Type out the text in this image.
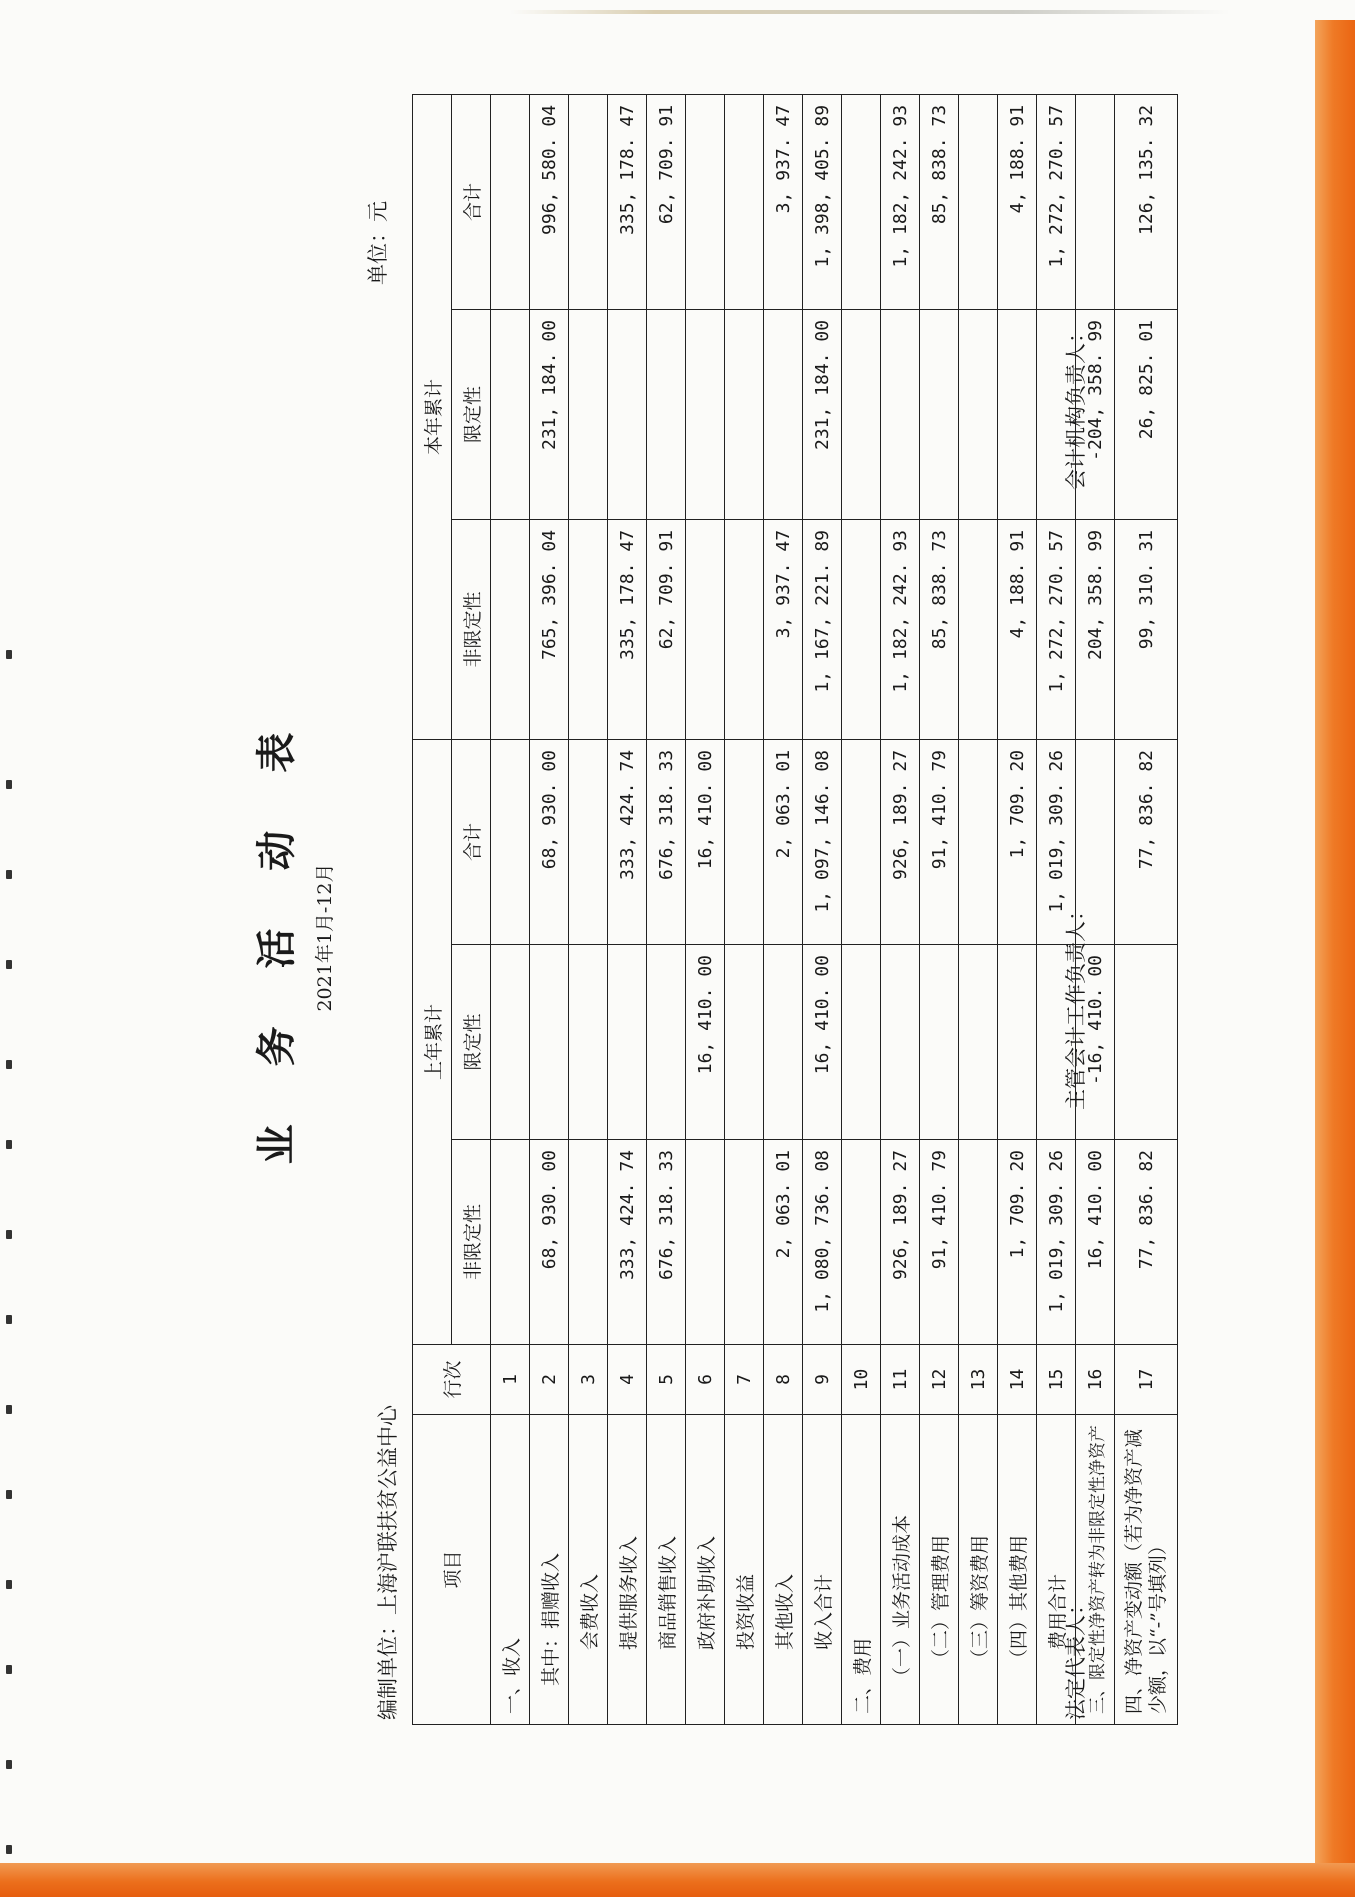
业 务 活 动 表 2021年1月-12月
编制单位：上海沪联扶贫公益中心
单位：元
项目	行次	上年累计			本年累计		
		非限定性	限定性	合计	非限定性	限定性	合计
一、收入	1						
其中：捐赠收入	2	68, 930. 00		68, 930. 00	765, 396. 04	231, 184. 00	996, 580. 04
会费收入	3						
提供服务收入	4	333, 424. 74		333, 424. 74	335, 178. 47		335, 178. 47
商品销售收入	5	676, 318. 33		676, 318. 33	62, 709. 91		62, 709. 91
政府补助收入	6		16, 410. 00	16, 410. 00			
投资收益	7						
其他收入	8	2, 063. 01		2, 063. 01	3, 937. 47		3, 937. 47
收入合计	9	1, 080, 736. 08	16, 410. 00	1, 097, 146. 08	1, 167, 221. 89	231, 184. 00	1, 398, 405. 89
二、费用	10						
（一）业务活动成本	11	926, 189. 27		926, 189. 27	1, 182, 242. 93		1, 182, 242. 93
（二）管理费用	12	91, 410. 79		91, 410. 79	85, 838. 73		85, 838. 73
（三）筹资费用	13						
（四）其他费用	14	1, 709. 20		1, 709. 20	4, 188. 91		4, 188. 91
费用合计	15	1, 019, 309. 26		1, 019, 309. 26	1, 272, 270. 57		1, 272, 270. 57
三、限定性净资产转为非限定性净资产	16	16, 410. 00	-16, 410. 00		204, 358. 99	-204, 358. 99	

四、净资产变动额（若为净资产减少额，以“-”号填列）	17	77, 836. 82		77, 836. 82	99, 310. 31	26, 825. 01	126, 135. 32
法定代表人：
主管会计工作负责人：
会计机构负责人：
